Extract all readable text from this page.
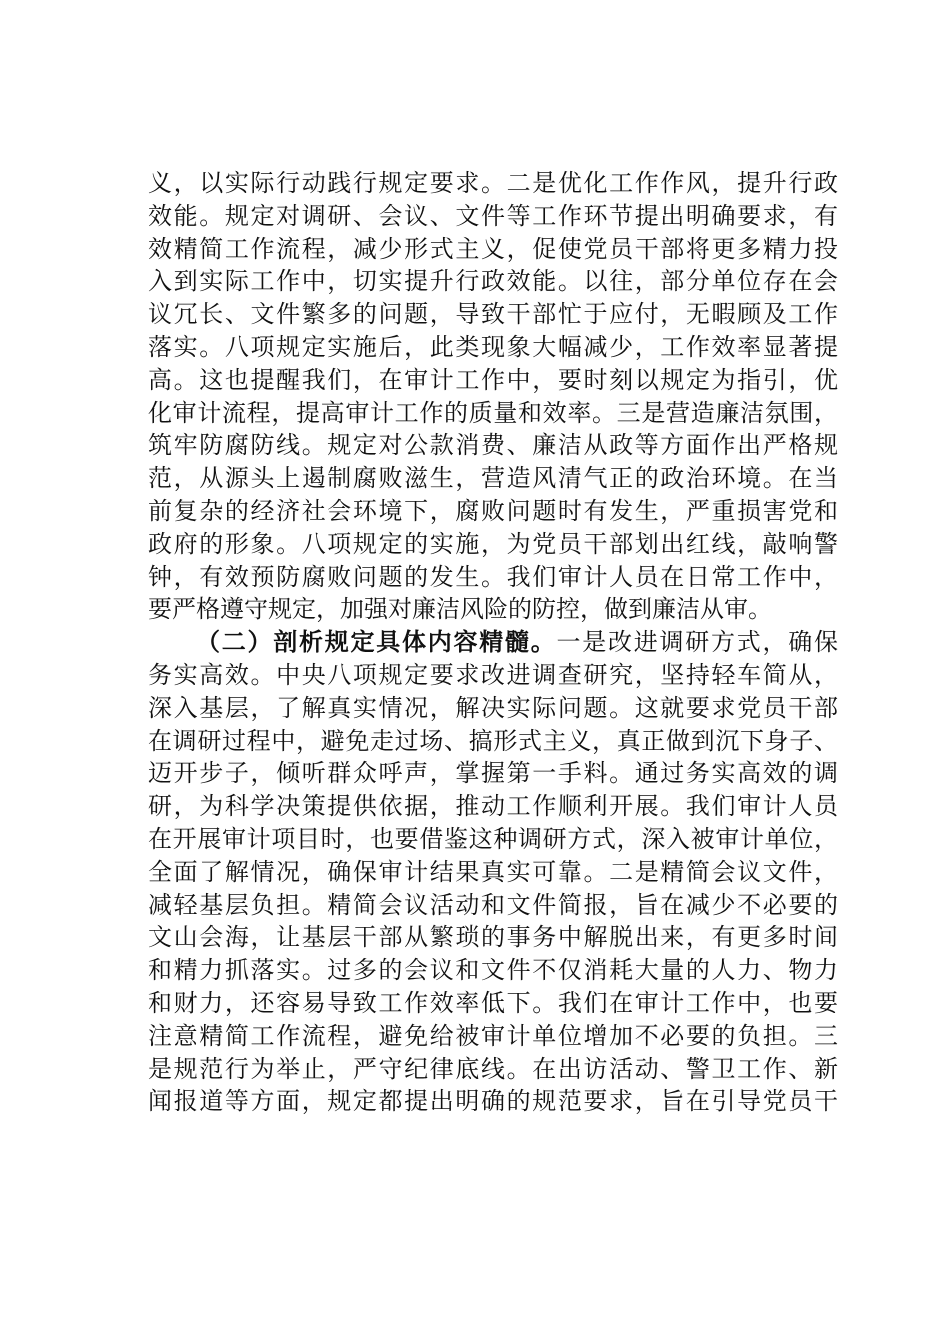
义，以实际行动践行规定要求。二是优化工作作风，提升行政
效能。规定对调研、会议、文件等工作环节提出明确要求，有
效精简工作流程，减少形式主义，促使党员干部将更多精力投
入到实际工作中，切实提升行政效能。以往，部分单位存在会
议冗长、文件繁多的问题，导致干部忙于应付，无暇顾及工作
落实。八项规定实施后，此类现象大幅减少，工作效率显著提
高。这也提醒我们，在审计工作中，要时刻以规定为指引，优
化审计流程，提高审计工作的质量和效率。三是营造廉洁氛围，
筑牢防腐防线。规定对公款消费、廉洁从政等方面作出严格规
范，从源头上遏制腐败滋生，营造风清气正的政治环境。在当
前复杂的经济社会环境下，腐败问题时有发生，严重损害党和
政府的形象。八项规定的实施，为党员干部划出红线，敲响警
钟，有效预防腐败问题的发生。我们审计人员在日常工作中，
要严格遵守规定，加强对廉洁风险的防控，做到廉洁从审。
（二）剖析规定具体内容精髓。一是改进调研方式，确保
务实高效。中央八项规定要求改进调查研究，坚持轻车简从，
深入基层，了解真实情况，解决实际问题。这就要求党员干部
在调研过程中，避免走过场、搞形式主义，真正做到沉下身子、
迈开步子，倾听群众呼声，掌握第一手料。通过务实高效的调
研，为科学决策提供依据，推动工作顺利开展。我们审计人员
在开展审计项目时，也要借鉴这种调研方式，深入被审计单位，
全面了解情况，确保审计结果真实可靠。二是精简会议文件，
减轻基层负担。精简会议活动和文件简报，旨在减少不必要的
文山会海，让基层干部从繁琐的事务中解脱出来，有更多时间
和精力抓落实。过多的会议和文件不仅消耗大量的人力、物力
和财力，还容易导致工作效率低下。我们在审计工作中，也要
注意精简工作流程，避免给被审计单位增加不必要的负担。三
是规范行为举止，严守纪律底线。在出访活动、警卫工作、新
闻报道等方面，规定都提出明确的规范要求，旨在引导党员干
